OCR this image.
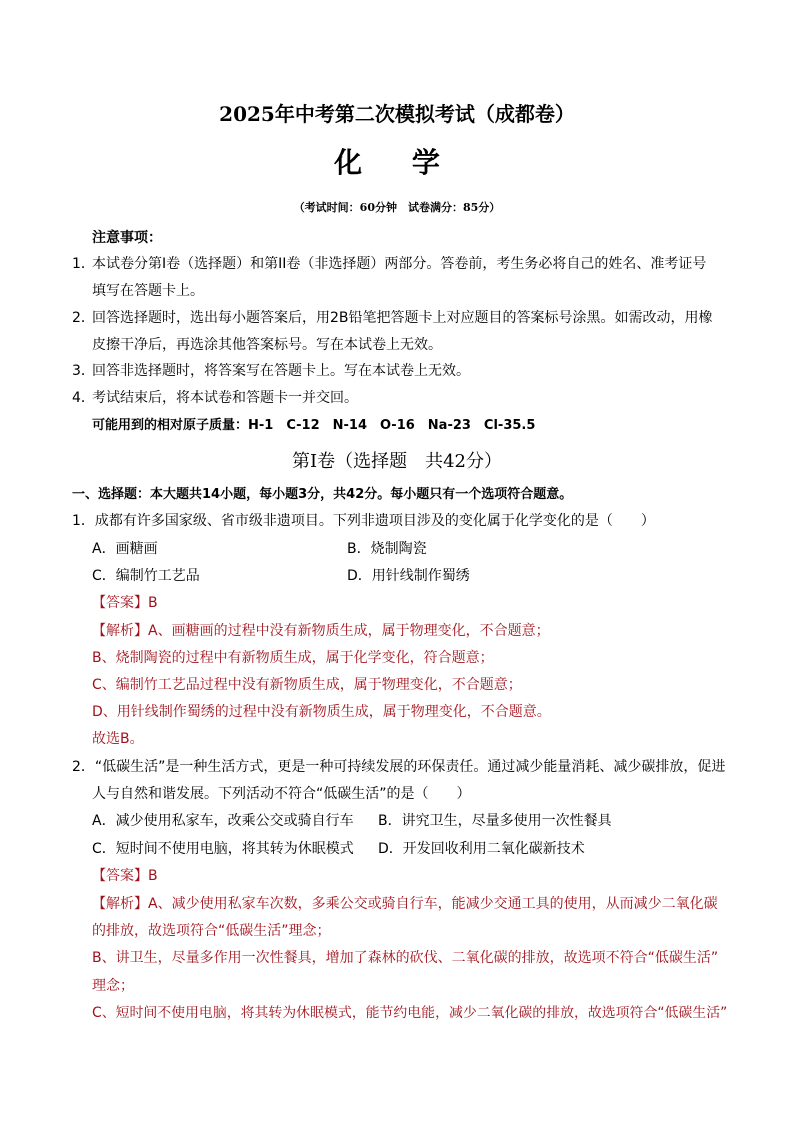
2025年中考第二次模拟考试（成都卷）
化 学
（考试时间：60分钟　试卷满分：85分）
注意事项：
1．
本试卷分第I卷（选择题）和第II卷（非选择题）两部分。答卷前，考生务必将自己的姓名、准考证号
填写在答题卡上。
2．
回答选择题时，选出每小题答案后，用2B铅笔把答题卡上对应题目的答案标号涂黑。如需改动，用橡
皮擦干净后，再选涂其他答案标号。写在本试卷上无效。
3．
回答非选择题时，将答案写在答题卡上。写在本试卷上无效。
4．
考试结束后，将本试卷和答题卡一并交回。
可能用到的相对原子质量：H-1　C-12　N-14　O-16　Na-23　Cl-35.5
第I卷（选择题　共42分）
一、选择题：本大题共14小题，每小题3分，共42分。每小题只有一个选项符合题意。
1．成都有许多国家级、省市级非遗项目。下列非遗项目涉及的变化属于化学变化的是（　　）
A．画糖画	B．烧制陶瓷
C．编制竹工艺品	D．用针线制作蜀绣
【答案】B
【解析】A、画糖画的过程中没有新物质生成，属于物理变化，不合题意；
B、烧制陶瓷的过程中有新物质生成，属于化学变化，符合题意；
C、编制竹工艺品过程中没有新物质生成，属于物理变化，不合题意；
D、用针线制作蜀绣的过程中没有新物质生成，属于物理变化，不合题意。
故选B。
2．“低碳生活”是一种生活方式，更是一种可持续发展的环保责任。通过减少能量消耗、减少碳排放，促进
人与自然和谐发展。下列活动不符合“低碳生活”的是（　　）
A．减少使用私家车，改乘公交或骑自行车 B．讲究卫生，尽量多使用一次性餐具
C．短时间不使用电脑，将其转为休眠模式 D．开发回收利用二氧化碳新技术
【答案】B
【解析】A、减少使用私家车次数，多乘公交或骑自行车，能减少交通工具的使用，从而减少二氧化碳
的排放，故选项符合“低碳生活”理念；
B、讲卫生，尽量多作用一次性餐具，增加了森林的砍伐、二氧化碳的排放，故选项不符合“低碳生活”
理念；
C、短时间不使用电脑，将其转为休眠模式，能节约电能，减少二氧化碳的排放，故选项符合“低碳生活”
